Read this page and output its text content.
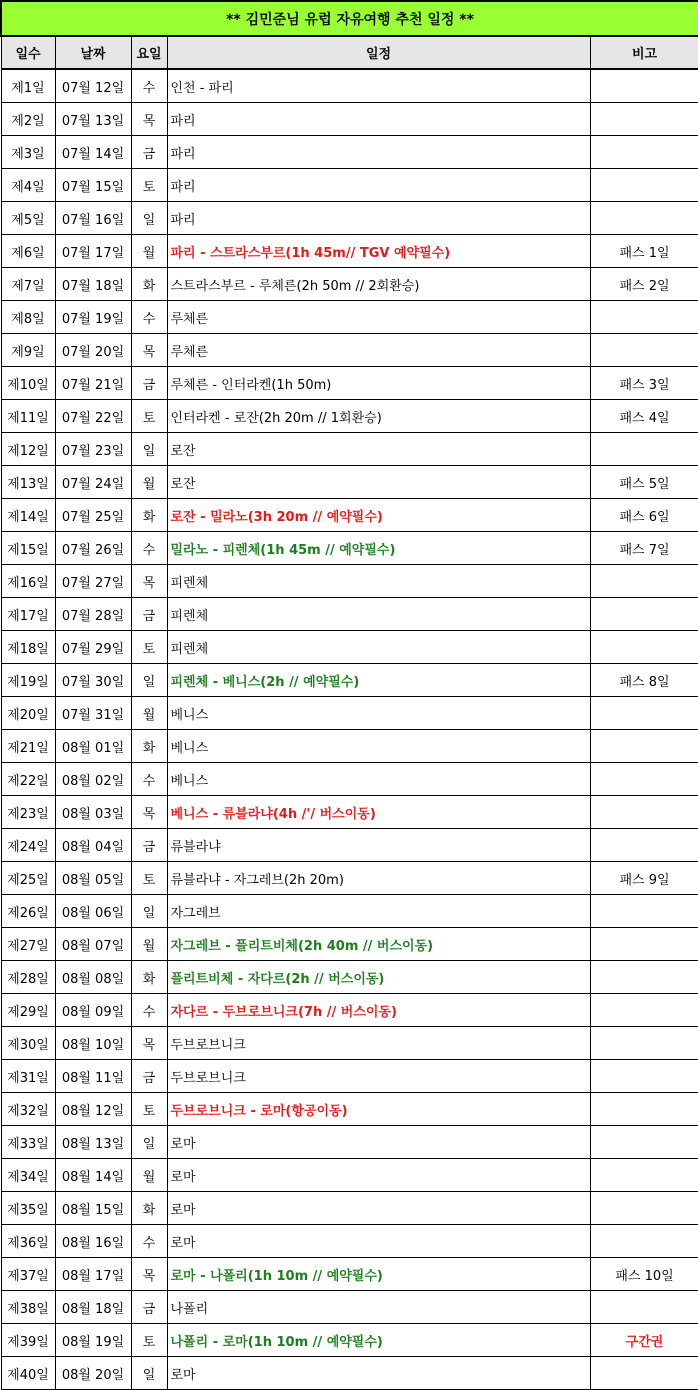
** 김민준님 유럽 자유여행 추천 일정 **				
일수	날짜	요일	일정	비고
제1일	07월 12일	수	인천 - 파리	
제2일	07월 13일	목	파리	
제3일	07월 14일	금	파리	
제4일	07월 15일	토	파리	
제5일	07월 16일	일	파리	
제6일	07월 17일	월	파리 - 스트라스부르(1h 45m// TGV 예약필수)	패스 1일
제7일	07월 18일	화	스트라스부르 - 루체른(2h 50m // 2회환승)	패스 2일
제8일	07월 19일	수	루체른	
제9일	07월 20일	목	루체른	
제10일	07월 21일	금	루체른 - 인터라켄(1h 50m)	패스 3일
제11일	07월 22일	토	인터라켄 - 로잔(2h 20m // 1회환승)	패스 4일
제12일	07월 23일	일	로잔	
제13일	07월 24일	월	로잔	패스 5일
제14일	07월 25일	화	로잔 - 밀라노(3h 20m // 예약필수)	패스 6일
제15일	07월 26일	수	밀라노 - 피렌체(1h 45m // 예약필수)	패스 7일
제16일	07월 27일	목	피렌체	
제17일	07월 28일	금	피렌체	
제18일	07월 29일	토	피렌체	
제19일	07월 30일	일	피렌체 - 베니스(2h // 예약필수)	패스 8일
제20일	07월 31일	월	베니스	
제21일	08월 01일	화	베니스	
제22일	08월 02일	수	베니스	
제23일	08월 03일	목	베니스 - 류블라냐(4h /'/ 버스이동)	
제24일	08월 04일	금	류블라냐	
제25일	08월 05일	토	류블라냐 - 자그레브(2h 20m)	패스 9일
제26일	08월 06일	일	자그레브	
제27일	08월 07일	월	자그레브 - 플리트비체(2h 40m // 버스이동)	
제28일	08월 08일	화	플리트비체 - 자다르(2h // 버스이동)	
제29일	08월 09일	수	자다르 - 두브로브니크(7h // 버스이동)	
제30일	08월 10일	목	두브로브니크	
제31일	08월 11일	금	두브로브니크	
제32일	08월 12일	토	두브로브니크 - 로마(항공이동)	
제33일	08월 13일	일	로마	
제34일	08월 14일	월	로마	
제35일	08월 15일	화	로마	
제36일	08월 16일	수	로마	
제37일	08월 17일	목	로마 - 나폴리(1h 10m // 예약필수)	패스 10일
제38일	08월 18일	금	나폴리	
제39일	08월 19일	토	나폴리 - 로마(1h 10m // 예약필수)	구간권
제40일	08월 20일	일	로마	
